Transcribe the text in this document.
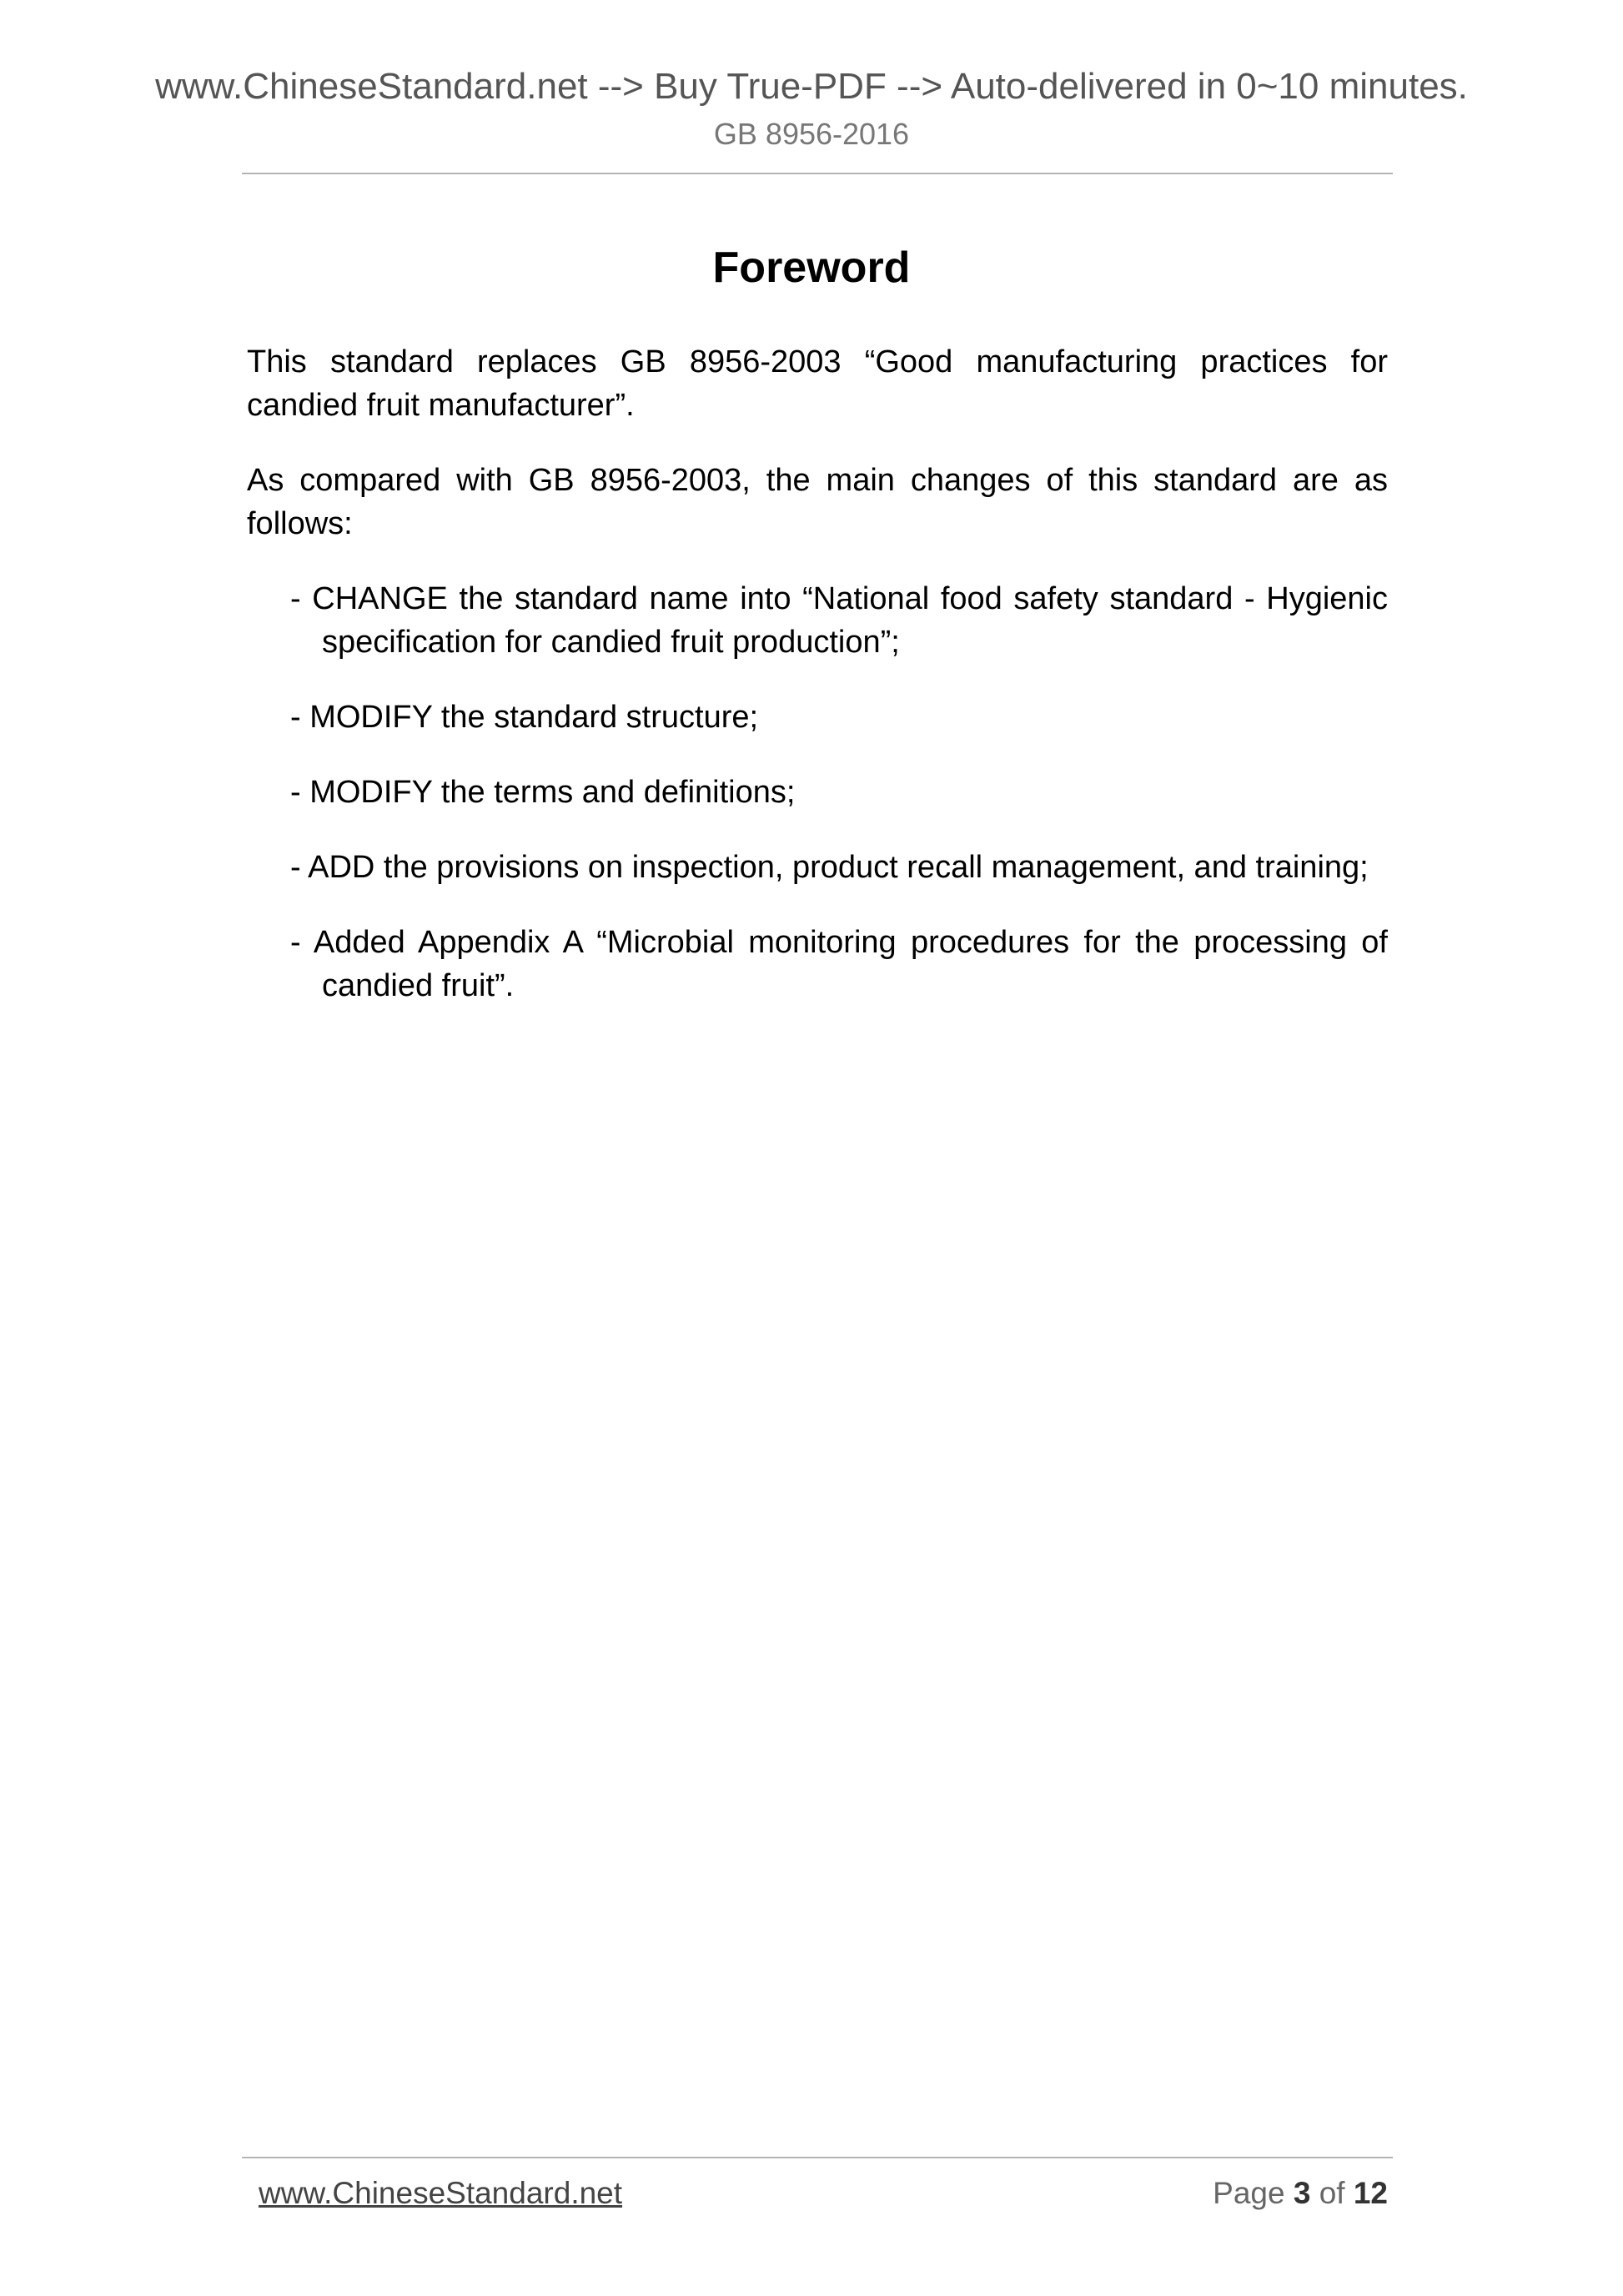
www.ChineseStandard.net --> Buy True-PDF --> Auto-delivered in 0~10 minutes.
GB 8956-2016
Foreword

This standard replaces GB 8956-2003 “Good manufacturing practices for candied fruit manufacturer”.

As compared with GB 8956-2003, the main changes of this standard are as follows:

- CHANGE the standard name into “National food safety standard - Hygienic specification for candied fruit production”;

- MODIFY the standard structure;

- MODIFY the terms and definitions;

- ADD the provisions on inspection, product recall management, and training;

- Added Appendix A “Microbial monitoring procedures for the processing of candied fruit”.

www.ChineseStandard.net	Page 3 of 12
